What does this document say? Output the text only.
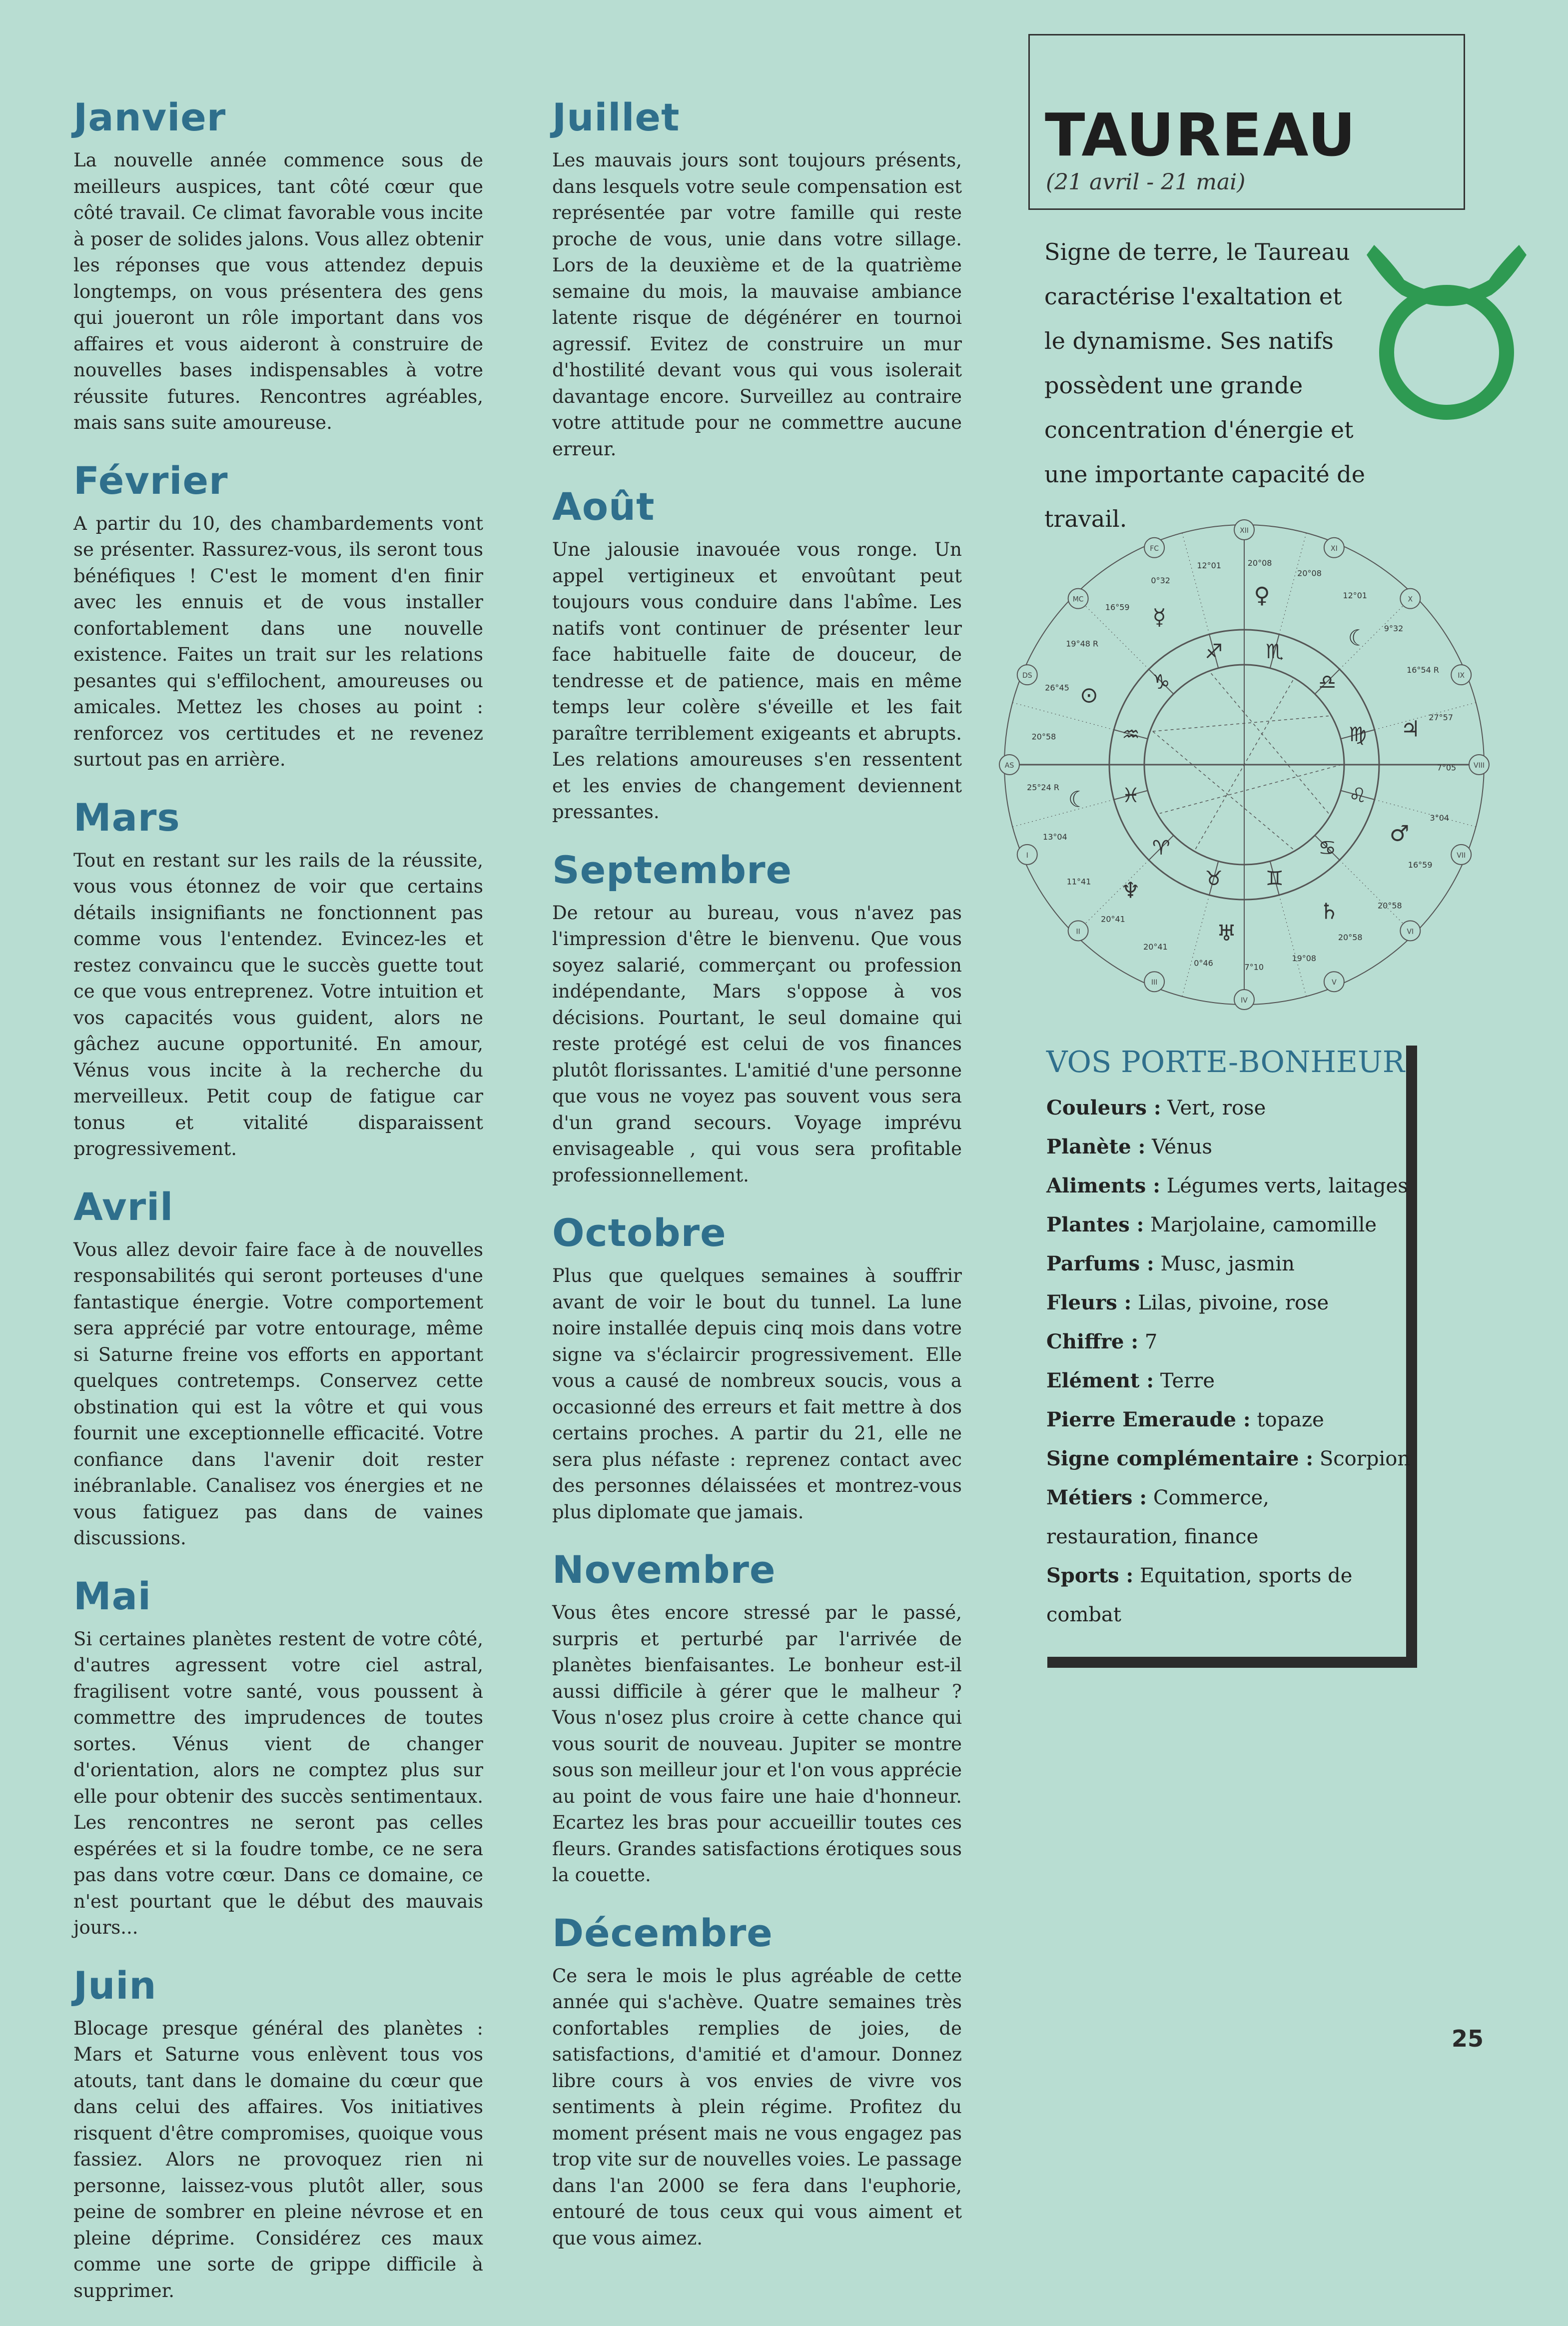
Janvier

La nouvelle année commence sous de meilleurs auspices, tant côté cœur que côté travail. Ce climat favorable vous incite à poser de solides jalons. Vous allez obtenir les réponses que vous attendez depuis longtemps, on vous présentera des gens qui joueront un rôle important dans vos affaires et vous aideront à construire de nouvelles bases indispensables à votre réussite futures. Rencontres agréables, mais sans suite amoureuse.

Février

A partir du 10, des chambardements vont se présenter. Rassurez-vous, ils seront tous bénéfiques ! C'est le moment d'en finir avec les ennuis et de vous installer confortablement dans une nouvelle existence. Faites un trait sur les relations pesantes qui s'effilochent, amoureuses ou amicales. Mettez les choses au point : renforcez vos certitudes et ne revenez surtout pas en arrière.

Mars

Tout en restant sur les rails de la réussite, vous vous étonnez de voir que certains détails insignifiants ne fonctionnent pas comme vous l'entendez. Evincez-les et restez convaincu que le succès guette tout ce que vous entreprenez. Votre intuition et vos capacités vous guident, alors ne gâchez aucune opportunité. En amour, Vénus vous incite à la recherche du merveilleux. Petit coup de fatigue car tonus et vitalité disparaissent progressivement.

Avril

Vous allez devoir faire face à de nouvelles responsabilités qui seront porteuses d'une fantastique énergie. Votre comportement sera apprécié par votre entourage, même si Saturne freine vos efforts en apportant quelques contretemps. Conservez cette obstination qui est la vôtre et qui vous fournit une exceptionnelle efficacité. Votre confiance dans l'avenir doit rester inébranlable. Canalisez vos énergies et ne vous fatiguez pas dans de vaines discussions.

Mai

Si certaines planètes restent de votre côté, d'autres agressent votre ciel astral, fragilisent votre santé, vous poussent à commettre des imprudences de toutes sortes. Vénus vient de changer d'orientation, alors ne comptez plus sur elle pour obtenir des succès sentimentaux. Les rencontres ne seront pas celles espérées et si la foudre tombe, ce ne sera pas dans votre cœur. Dans ce domaine, ce n'est pourtant que le début des mauvais jours...

Juin

Blocage presque général des planètes : Mars et Saturne vous enlèvent tous vos atouts, tant dans le domaine du cœur que dans celui des affaires. Vos initiatives risquent d'être compromises, quoique vous fassiez. Alors ne provoquez rien ni personne, laissez-vous plutôt aller, sous peine de sombrer en pleine névrose et en pleine déprime. Considérez ces maux comme une sorte de grippe difficile à supprimer.

Juillet

Les mauvais jours sont toujours présents, dans lesquels votre seule compensation est représentée par votre famille qui reste proche de vous, unie dans votre sillage. Lors de la deuxième et de la quatrième semaine du mois, la mauvaise ambiance latente risque de dégénérer en tournoi agressif. Evitez de construire un mur d'hostilité devant vous qui vous isolerait davantage encore. Surveillez au contraire votre attitude pour ne commettre aucune erreur.

Août

Une jalousie inavouée vous ronge. Un appel vertigineux et envoûtant peut toujours vous conduire dans l'abîme. Les natifs vont continuer de présenter leur face habituelle faite de douceur, de tendresse et de patience, mais en même temps leur colère s'éveille et les fait paraître terriblement exigeants et abrupts. Les relations amoureuses s'en ressentent et les envies de changement deviennent pressantes.

Septembre

De retour au bureau, vous n'avez pas l'impression d'être le bienvenu. Que vous soyez salarié, commerçant ou profession indépendante, Mars s'oppose à vos décisions. Pourtant, le seul domaine qui reste protégé est celui de vos finances plutôt florissantes. L'amitié d'une personne que vous ne voyez pas souvent vous sera d'un grand secours. Voyage imprévu envisageable , qui vous sera profitable professionnellement.

Octobre

Plus que quelques semaines à souffrir avant de voir le bout du tunnel. La lune noire installée depuis cinq mois dans votre signe va s'éclaircir progressivement. Elle vous a causé de nombreux soucis, vous a occasionné des erreurs et fait mettre à dos certains proches. A partir du 21, elle ne sera plus néfaste : reprenez contact avec des personnes délaissées et montrez-vous plus diplomate que jamais.

Novembre

Vous êtes encore stressé par le passé, surpris et perturbé par l'arrivée de planètes bienfaisantes. Le bonheur est-il aussi difficile à gérer que le malheur ? Vous n'osez plus croire à cette chance qui vous sourit de nouveau. Jupiter se montre sous son meilleur jour et l'on vous apprécie au point de vous faire une haie d'honneur. Ecartez les bras pour accueillir toutes ces fleurs. Grandes satisfactions érotiques sous la couette.

Décembre

Ce sera le mois le plus agréable de cette année qui s'achève. Quatre semaines très confortables remplies de joies, de satisfactions, d'amitié et d'amour. Donnez libre cours à vos envies de vivre vos sentiments à plein régime. Profitez du moment présent mais ne vous engagez pas trop vite sur de nouvelles voies. Le passage dans l'an 2000 se fera dans l'euphorie, entouré de tous ceux qui vous aiment et que vous aimez.

TAUREAU
(21 avril - 21 mai)
Signe de terre, le Taureau caractérise l'exaltation et le dynamisme. Ses natifs possèdent une grande concentration d'énergie et une importante capacité de travail.
♏
♎
♍
♌
♋
♊
♉
♈
♓
♒
♑
♐
XII
XI
X
IX
VIII
VII
VI
V
IV
III
II
I
AS
DS
MC
FC
☿
♀
☾
♃
♂
♄
♅
♆
☾
⊙
12°01	20°08
20°08
12°01
9°32
16°54 R
27°57
7°05
3°04
16°59
20°58
20°58
19°08
7°10
0°46
20°41
20°41
11°41
13°04
25°24 R
20°58
26°45
19°48 R
16°59
0°32
VOS PORTE-BONHEUR
Couleurs : Vert, rose
Planète : Vénus
Aliments : Légumes verts, laitages
Plantes : Marjolaine, camomille
Parfums : Musc, jasmin
Fleurs : Lilas, pivoine, rose
Chiffre : 7
Elément : Terre
Pierre Emeraude : topaze
Signe complémentaire : Scorpion
Métiers : Commerce,
restauration, finance
Sports : Equitation, sports de combat
25
